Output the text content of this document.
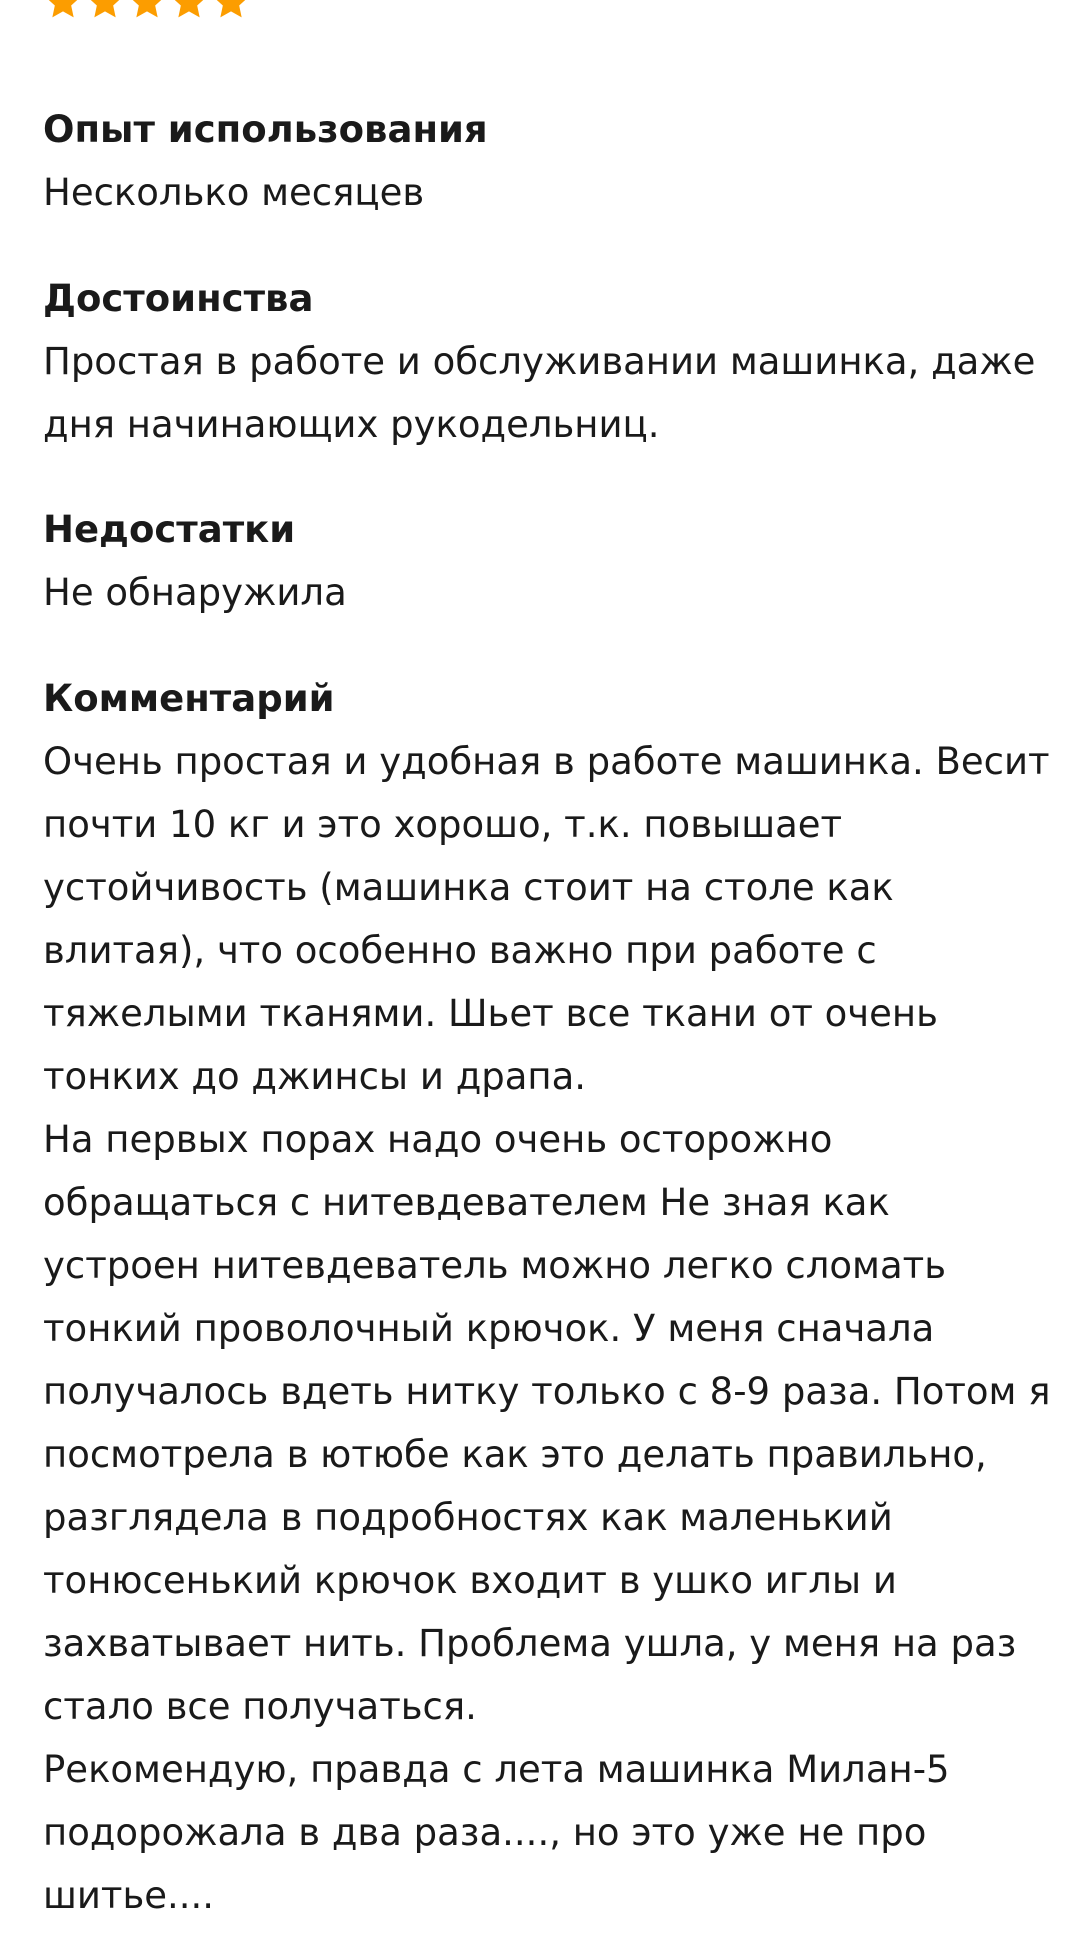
Опыт использования

Несколько месяцев

Достоинства

Простая в работе и обслуживании машинка, даже
дня начинающих рукодельниц.

Недостатки

Не обнаружила

Комментарий

Очень простая и удобная в работе машинка. Весит
почти 10 кг и это хорошо, т.к. повышает
устойчивость (машинка стоит на столе как
влитая), что особенно важно при работе с
тяжелыми тканями. Шьет все ткани от очень
тонких до джинсы и драпа.
На первых порах надо очень осторожно
обращаться с нитевдевателем Не зная как
устроен нитевдеватель можно легко сломать
тонкий проволочный крючок. У меня сначала
получалось вдеть нитку только с 8-9 раза. Потом я
посмотрела в ютюбе как это делать правильно,
разглядела в подробностях как маленький
тонюсенький крючок входит в ушко иглы и
захватывает нить. Проблема ушла, у меня на раз
стало все получаться.
Рекомендую, правда с лета машинка Милан-5
подорожала в два раза...., но это уже не про
шитье....
